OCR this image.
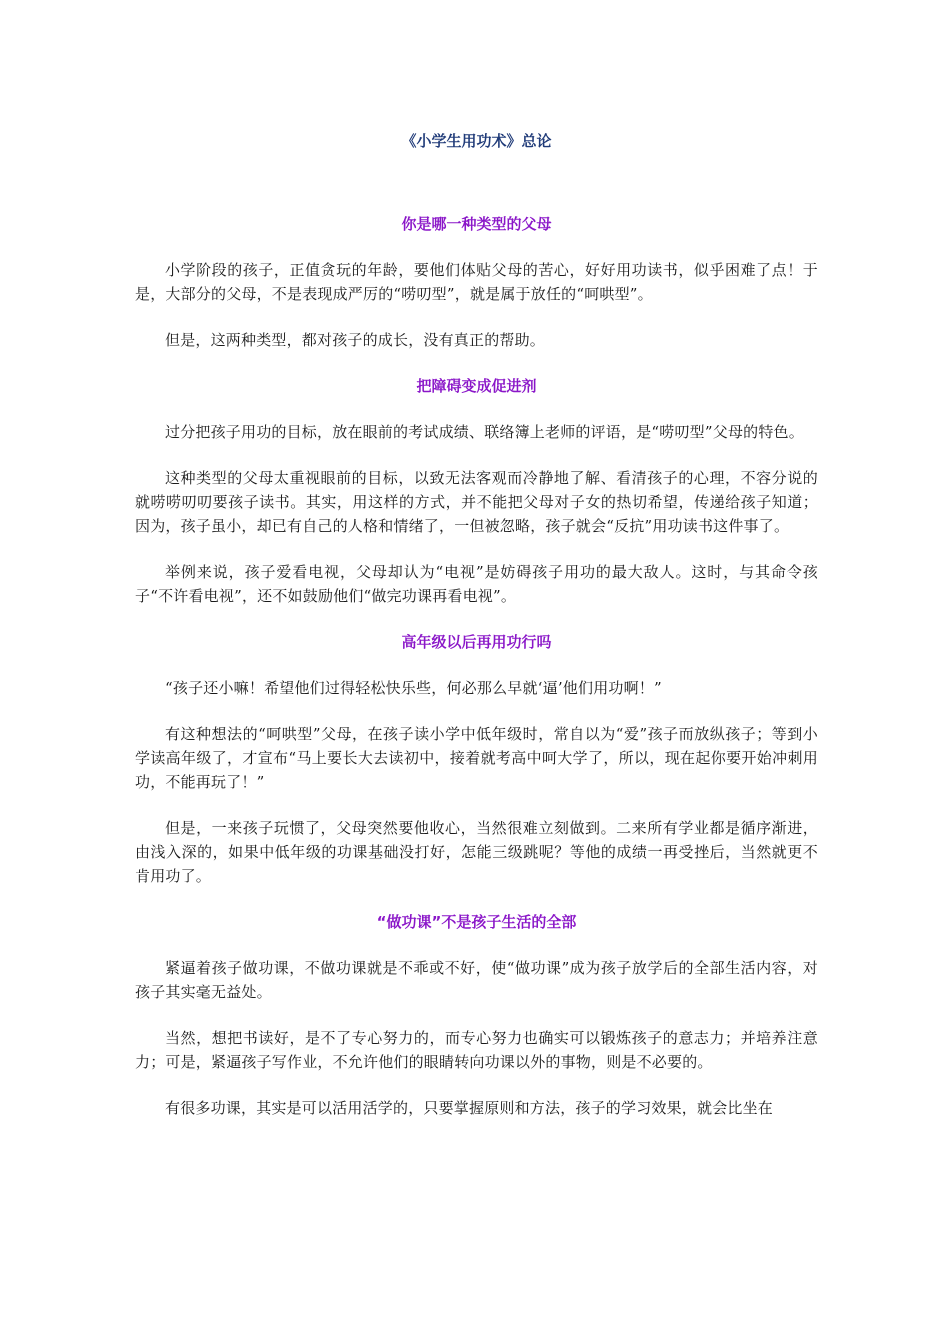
《小学生用功术》总论
你是哪一种类型的父母

小学阶段的孩子，正值贪玩的年龄，要他们体贴父母的苦心，好好用功读书，似乎困难了点！于是，大部分的父母，不是表现成严厉的“唠叨型”，就是属于放任的“呵哄型”。

但是，这两种类型，都对孩子的成长，没有真正的帮助。

把障碍变成促进剂

过分把孩子用功的目标，放在眼前的考试成绩、联络簿上老师的评语，是“唠叨型”父母的特色。

这种类型的父母太重视眼前的目标，以致无法客观而冷静地了解、看清孩子的心理，不容分说的就唠唠叨叨要孩子读书。其实，用这样的方式，并不能把父母对子女的热切希望，传递给孩子知道；因为，孩子虽小，却已有自己的人格和情绪了，一但被忽略，孩子就会“反抗”用功读书这件事了。

举例来说，孩子爱看电视，父母却认为“电视”是妨碍孩子用功的最大敌人。这时，与其命令孩子“不许看电视”，还不如鼓励他们“做完功课再看电视”。

高年级以后再用功行吗

“孩子还小嘛！希望他们过得轻松快乐些，何必那么早就‘逼’他们用功啊！”

有这种想法的“呵哄型”父母，在孩子读小学中低年级时，常自以为“爱”孩子而放纵孩子；等到小学读高年级了，才宣布“马上要长大去读初中，接着就考高中呵大学了，所以，现在起你要开始冲刺用功，不能再玩了！”

但是，一来孩子玩惯了，父母突然要他收心，当然很难立刻做到。二来所有学业都是循序渐进，由浅入深的，如果中低年级的功课基础没打好，怎能三级跳呢？等他的成绩一再受挫后，当然就更不肯用功了。

“做功课”不是孩子生活的全部

紧逼着孩子做功课，不做功课就是不乖或不好，使“做功课”成为孩子放学后的全部生活内容，对孩子其实毫无益处。

当然，想把书读好，是不了专心努力的，而专心努力也确实可以锻炼孩子的意志力；并培养注意力；可是，紧逼孩子写作业，不允许他们的眼睛转向功课以外的事物，则是不必要的。

有很多功课，其实是可以活用活学的，只要掌握原则和方法，孩子的学习效果，就会比坐在
